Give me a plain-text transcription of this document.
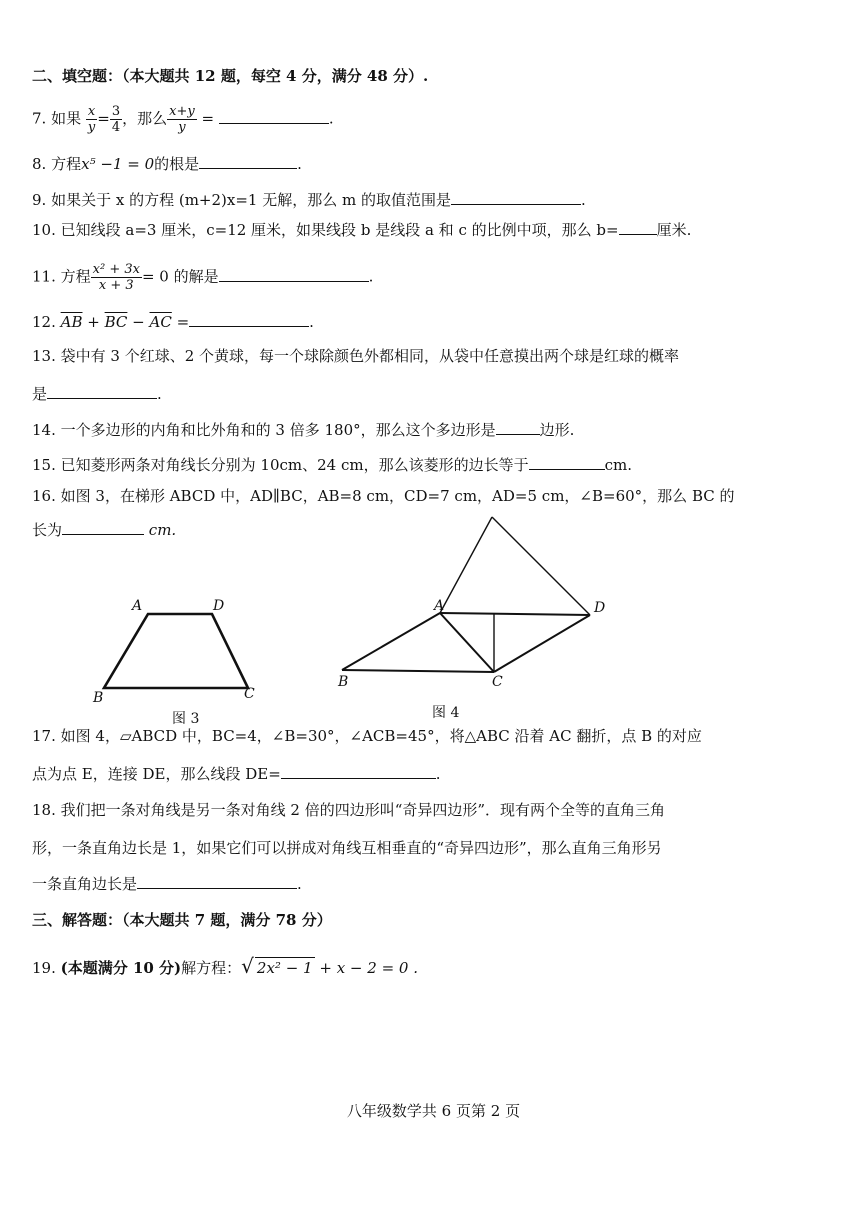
二、填空题：（本大题共 12 题，每空 4 分，满分 48 分）.
7. 如果 $\frac{x}{y} = \frac{3}{4}$ ，那么 $\frac{x+y}{y}$ =	.
8. 方程x⁵ −1 = 0的根是	.
9. 如果关于 x 的方程 (m+2)x=1 无解，那么 m 的取值范围是	.
10. 已知线段 a=3 厘米，c=12 厘米，如果线段 b 是线段 a 和 c 的比例中项，那么 b=	厘米.
11. 方程 $\frac{\text{x² + 3x}}{x + 3} = 0$ 的解是	.
12. $\overline{AB} + \overline{BC} - \overline{AC}$ =	.
13. 袋中有 3 个红球、2 个黄球，每一个球除颜色外都相同，从袋中任意摸出两个球是红球的概率
是	.
14. 一个多边形的内角和比外角和的 3 倍多 180°，那么这个多边形是	边形.
15. 已知菱形两条对角线长分别为 10cm、24 cm，那么该菱形的边长等于	cm.
16. 如图 3，在梯形 ABCD 中，AD∥BC，AB=8 cm，CD=7 cm，AD=5 cm，∠B=60°，那么 BC 的
长为	cm.
A	D
B	C
图 3
A	D
B	C
图 4
17. 如图 4，▱ABCD 中，BC=4，∠B=30°，∠ACB=45°，将△ABC 沿着 AC 翻折，点 B 的对应
点为点 E，连接 DE，那么线段 DE=	.
18. 我们把一条对角线是另一条对角线 2 倍的四边形叫“奇异四边形”．现有两个全等的直角三角
形，一条直角边长是 1，如果它们可以拼成对角线互相垂直的“奇异四边形”，那么直角三角形另
一条直角边长是	.
三、解答题：（本大题共 7 题，满分 78 分）
19. (本题满分 10 分)解方程：√ 2x² − 1 + x − 2 = 0 .
八年级数学共 6 页第 2 页
